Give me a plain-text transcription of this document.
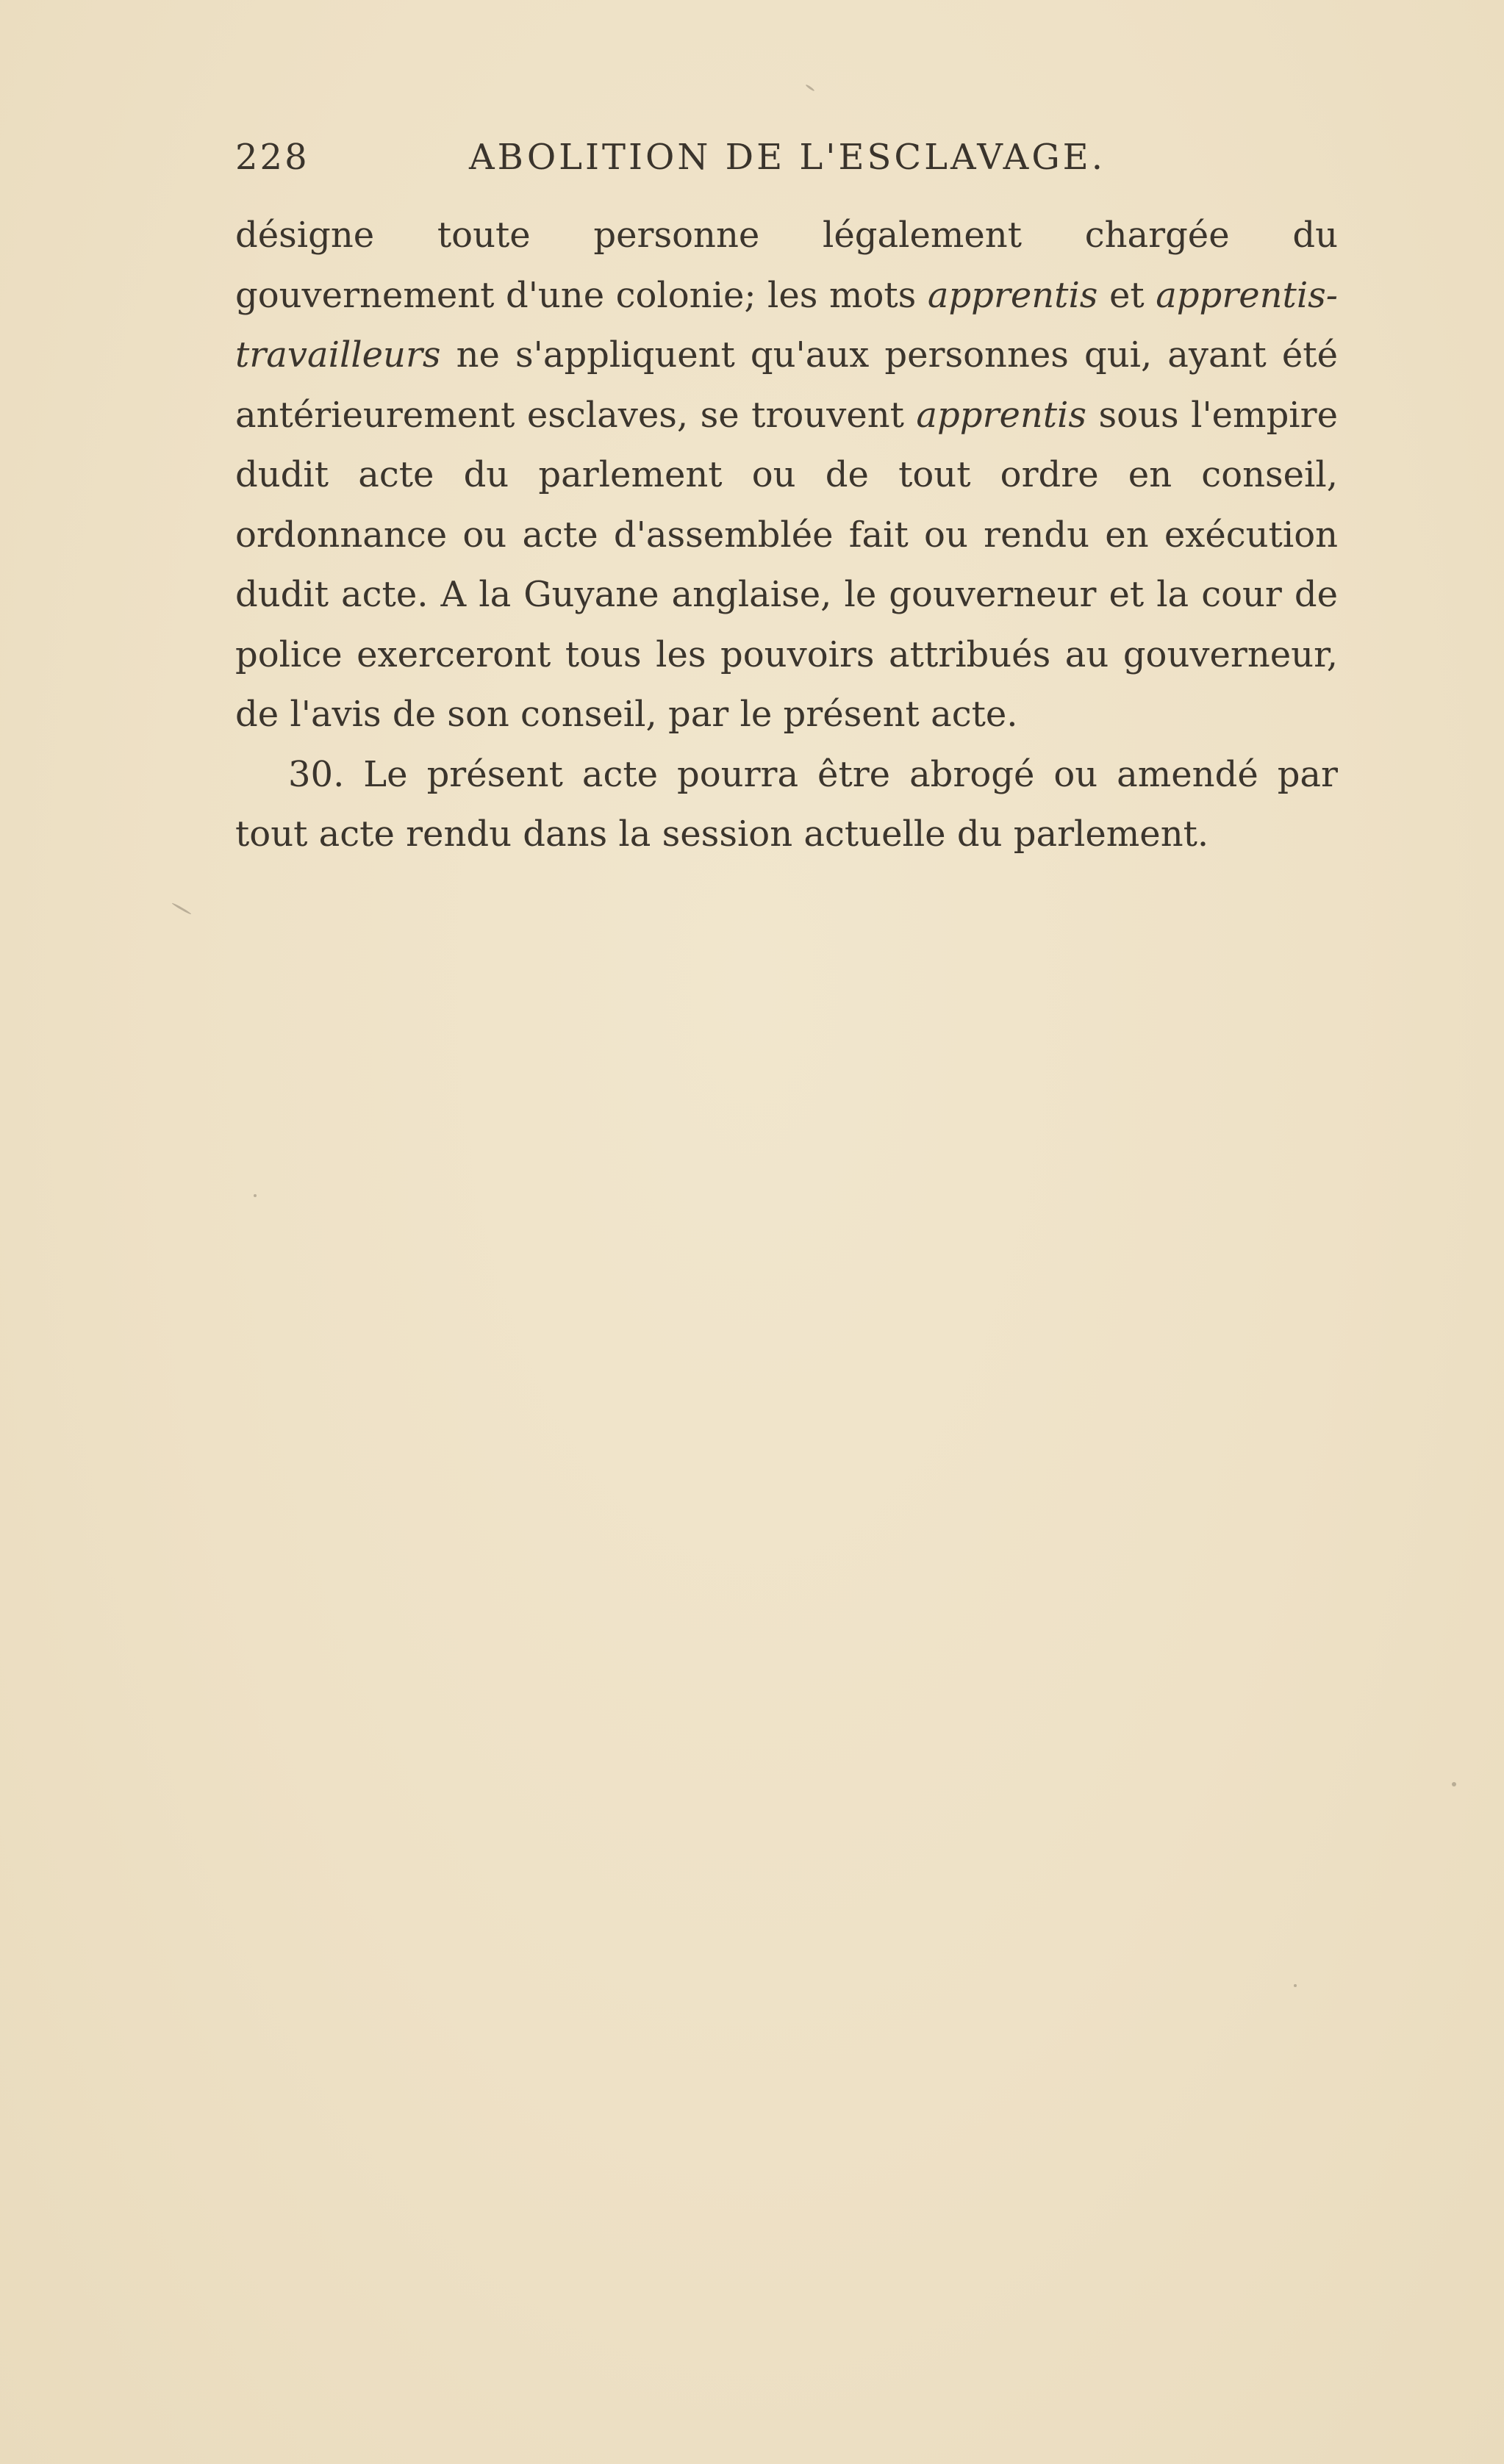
228	ABOLITION DE L'ESCLAVAGE.

désigne toute personne légalement chargée du gouvernement d'une colonie; les mots apprentis et apprentis-travailleurs ne s'appliquent qu'aux personnes qui, ayant été antérieurement esclaves, se trouvent apprentis sous l'empire dudit acte du parlement ou de tout ordre en conseil, ordonnance ou acte d'assemblée fait ou rendu en exécution dudit acte. A la Guyane anglaise, le gouverneur et la cour de police exerceront tous les pouvoirs attribués au gouverneur, de l'avis de son conseil, par le présent acte.

30. Le présent acte pourra être abrogé ou amendé par tout acte rendu dans la session actuelle du parlement.
